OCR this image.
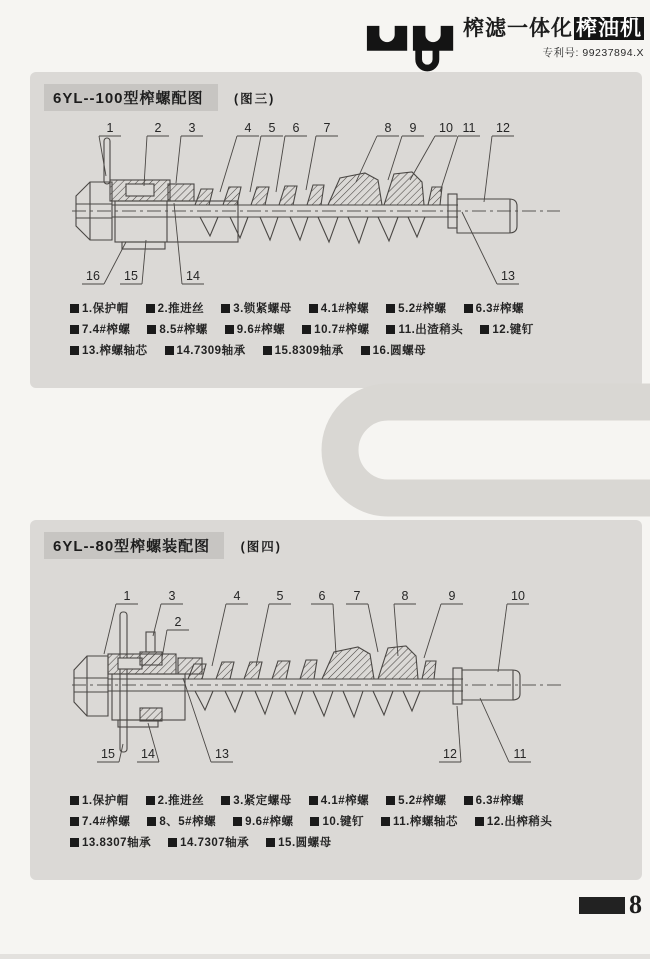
榨滤一体化 榨油机
专利号: 99237894.X
6YL--100型榨螺配图 (图三)
1	2 3	4 5 6 7	8 9 10 11 12
16 15	14	13
1.保护帽	2.推进丝	3.锁紧螺母	4.1#榨螺	5.2#榨螺	6.3#榨螺
7.4#榨螺	8.5#榨螺	9.6#榨螺	10.7#榨螺	11.出渣稍头	12.键钉
13.榨螺轴芯	14.7309轴承	15.8309轴承	16.圆螺母
6YL--80型榨螺装配图 (图四)
1	3
2
4	5	6 7	8	9	10
15 14	13	12	11
1.保护帽	2.推进丝	3.紧定螺母	4.1#榨螺	5.2#榨螺	6.3#榨螺
7.4#榨螺	8、5#榨螺	9.6#榨螺	10.键钉	11.榨螺轴芯	12.出榨稍头
13.8307轴承	14.7307轴承	15.圆螺母
8
